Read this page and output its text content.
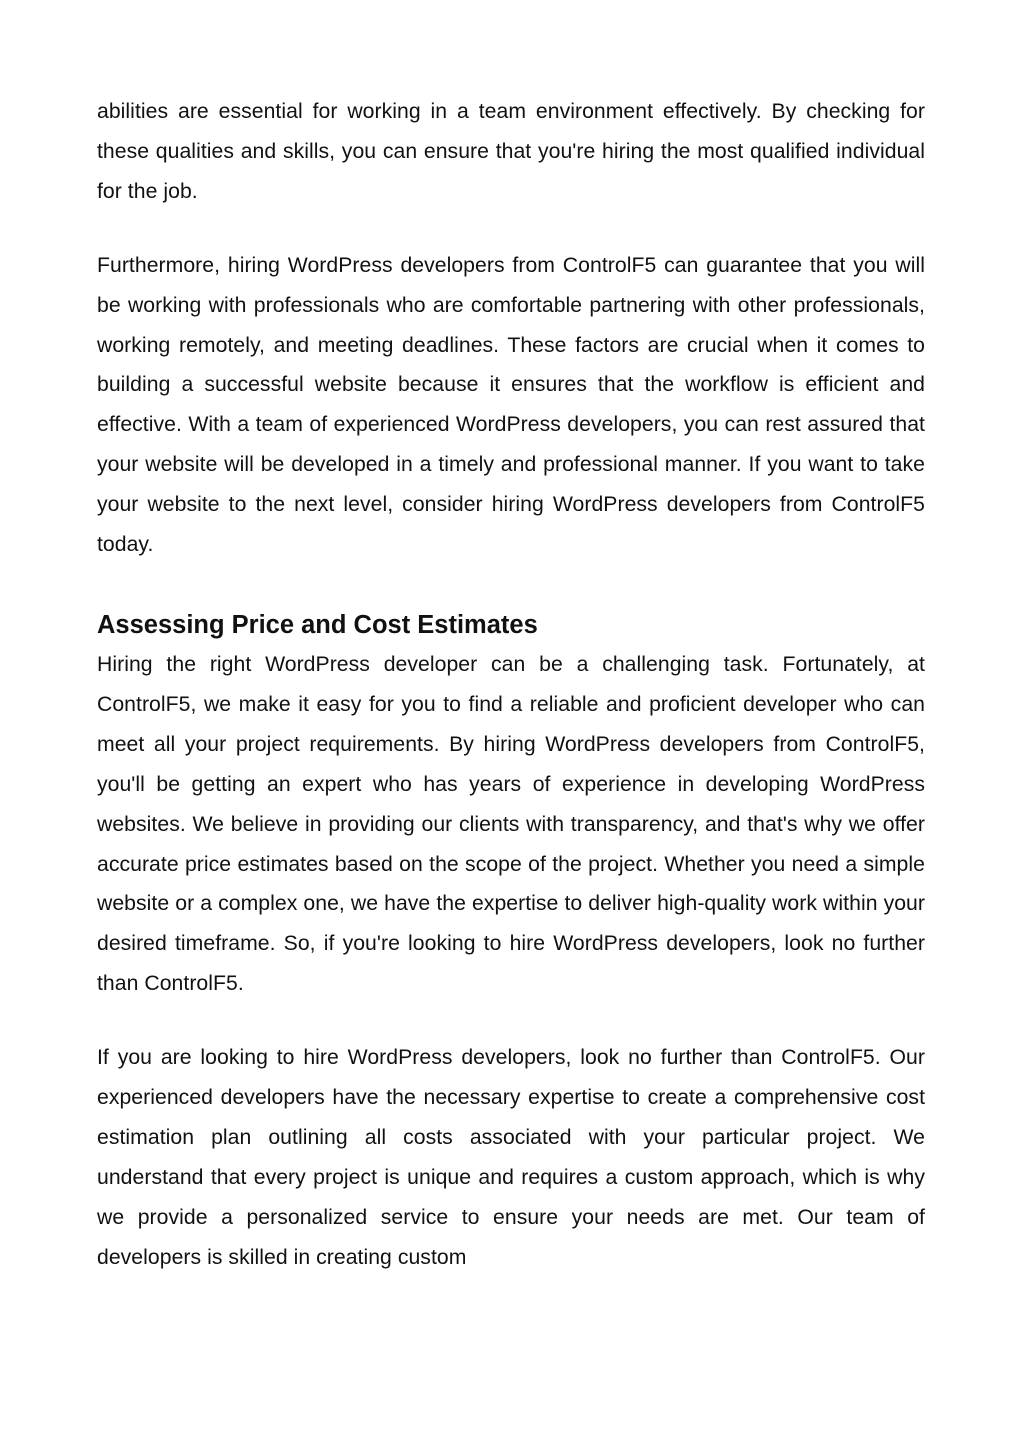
abilities are essential for working in a team environment effectively. By checking for these qualities and skills, you can ensure that you're hiring the most qualified individual for the job.

Furthermore, hiring WordPress developers from ControlF5 can guarantee that you will be working with professionals who are comfortable partnering with other professionals, working remotely, and meeting deadlines. These factors are crucial when it comes to building a successful website because it ensures that the workflow is efficient and effective. With a team of experienced WordPress developers, you can rest assured that your website will be developed in a timely and professional manner. If you want to take your website to the next level, consider hiring WordPress developers from ControlF5 today.

Assessing Price and Cost Estimates

Hiring the right WordPress developer can be a challenging task. Fortunately, at ControlF5, we make it easy for you to find a reliable and proficient developer who can meet all your project requirements. By hiring WordPress developers from ControlF5, you'll be getting an expert who has years of experience in developing WordPress websites. We believe in providing our clients with transparency, and that's why we offer accurate price estimates based on the scope of the project. Whether you need a simple website or a complex one, we have the expertise to deliver high-quality work within your desired timeframe. So, if you're looking to hire WordPress developers, look no further than ControlF5.

If you are looking to hire WordPress developers, look no further than ControlF5. Our experienced developers have the necessary expertise to create a comprehensive cost estimation plan outlining all costs associated with your particular project. We understand that every project is unique and requires a custom approach, which is why we provide a personalized service to ensure your needs are met. Our team of developers is skilled in creating custom
